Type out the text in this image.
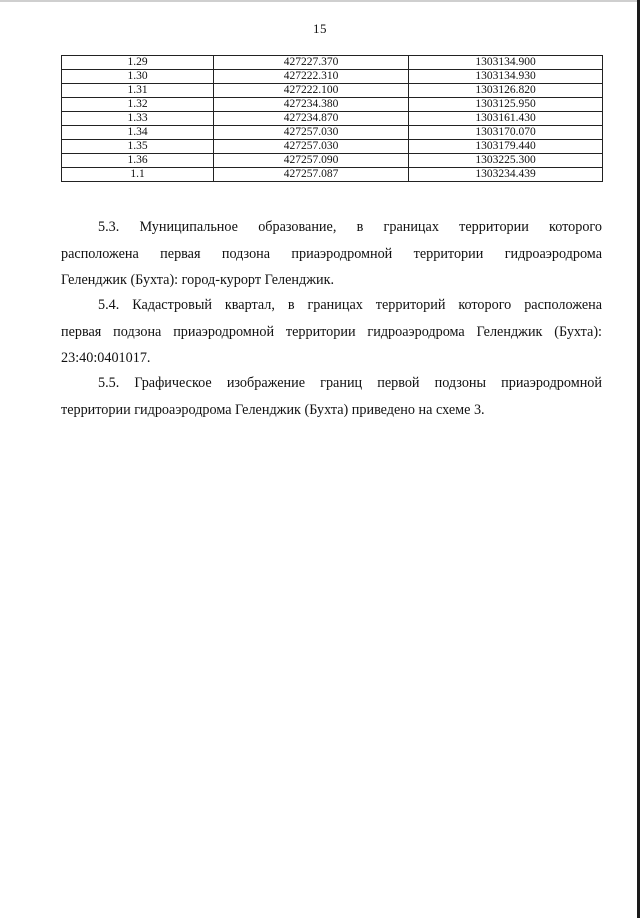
15
1.29	427227.370	1303134.900
1.30	427222.310	1303134.930
1.31	427222.100	1303126.820
1.32	427234.380	1303125.950
1.33	427234.870	1303161.430
1.34	427257.030	1303170.070
1.35	427257.030	1303179.440
1.36	427257.090	1303225.300
1.1	427257.087	1303234.439
5.3. Муниципальное образование, в границах территории которого
расположена первая подзона приаэродромной территории гидроаэродрома
Геленджик (Бухта): город-курорт Геленджик.
5.4. Кадастровый квартал, в границах территорий которого расположена
первая подзона приаэродромной территории гидроаэродрома Геленджик (Бухта):
23:40:0401017.
5.5. Графическое изображение границ первой подзоны приаэродромной
территории гидроаэродрома Геленджик (Бухта) приведено на схеме 3.
